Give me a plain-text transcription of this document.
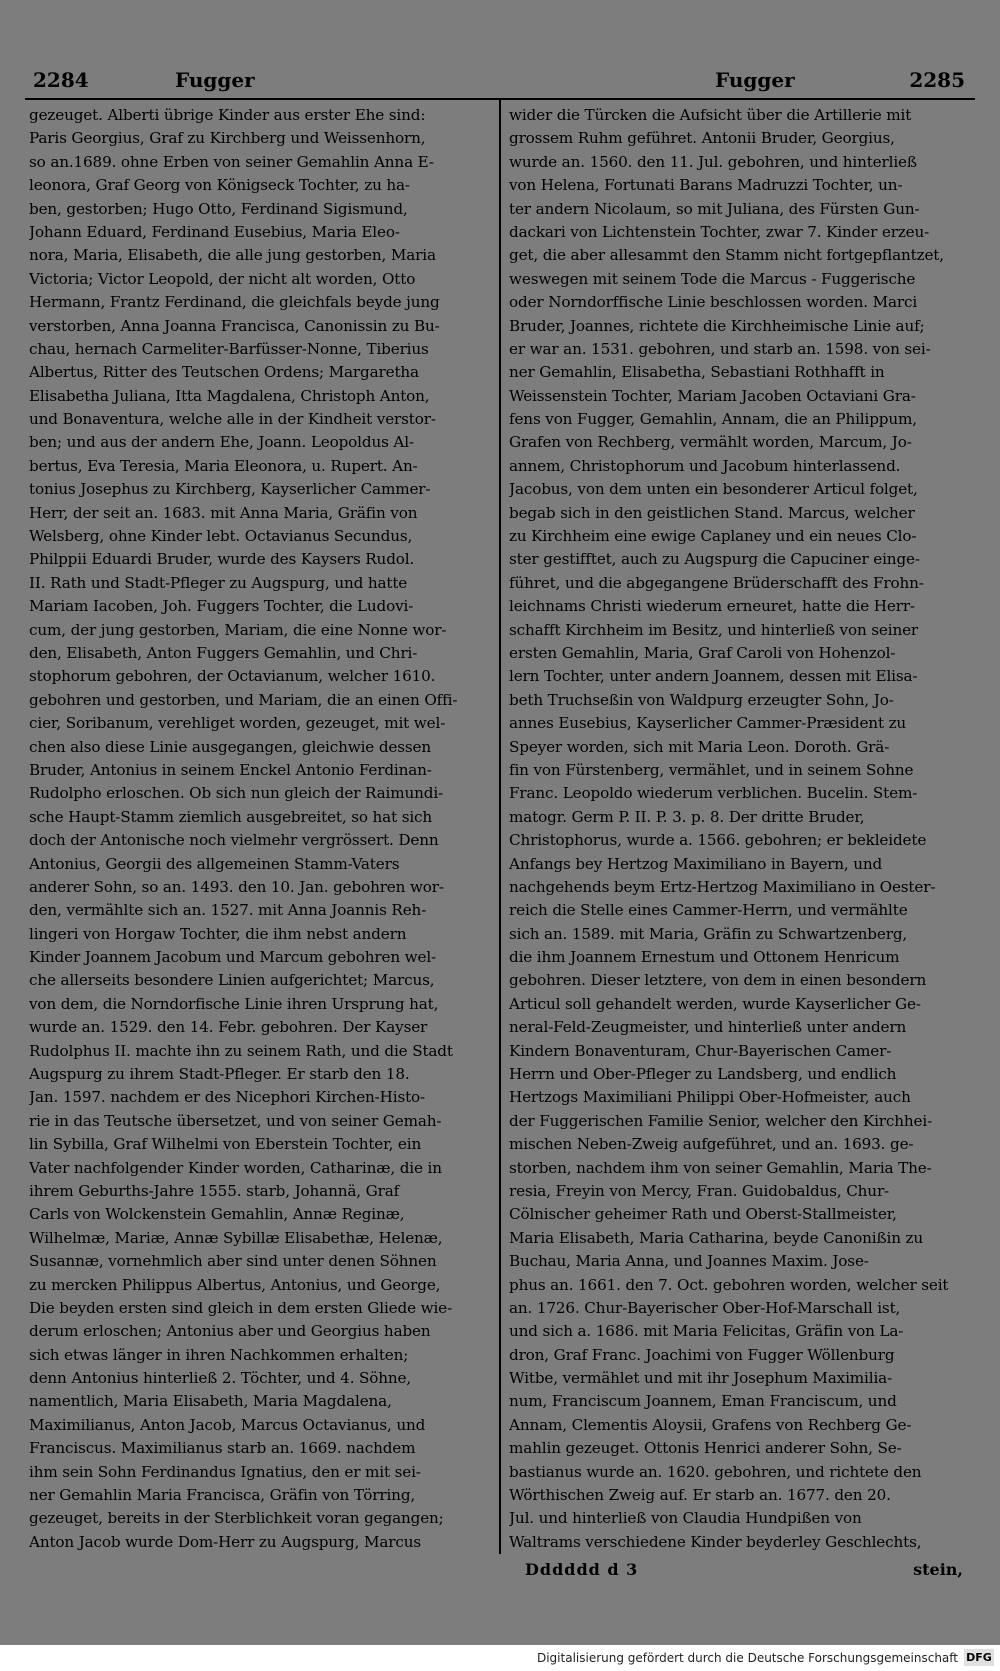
2284	Fugger	Fugger	2285
gezeuget. Alberti übrige Kinder aus erster Ehe sind:
Paris Georgius, Graf zu Kirchberg und Weissenhorn,
so an.1689. ohne Erben von seiner Gemahlin Anna E-
leonora, Graf Georg von Königseck Tochter, zu ha-
ben, gestorben; Hugo Otto, Ferdinand Sigismund,
Johann Eduard, Ferdinand Eusebius, Maria Eleo-
nora, Maria, Elisabeth, die alle jung gestorben, Maria
Victoria; Victor Leopold, der nicht alt worden, Otto
Hermann, Frantz Ferdinand, die gleichfals beyde jung
verstorben, Anna Joanna Francisca, Canonissin zu Bu-
chau, hernach Carmeliter-Barfüsser-Nonne, Tiberius
Albertus, Ritter des Teutschen Ordens; Margaretha
Elisabetha Juliana, Itta Magdalena, Christoph Anton,
und Bonaventura, welche alle in der Kindheit verstor-
ben; und aus der andern Ehe, Joann. Leopoldus Al-
bertus, Eva Teresia, Maria Eleonora, u. Rupert. An-
tonius Josephus zu Kirchberg, Kayserlicher Cammer-
Herr, der seit an. 1683. mit Anna Maria, Gräfin von
Welsberg, ohne Kinder lebt. Octavianus Secundus,
Philppii Eduardi Bruder, wurde des Kaysers Rudol.
II. Rath und Stadt-Pfleger zu Augspurg, und hatte
Mariam Iacoben, Joh. Fuggers Tochter, die Ludovi-
cum, der jung gestorben, Mariam, die eine Nonne wor-
den, Elisabeth, Anton Fuggers Gemahlin, und Chri-
stophorum gebohren, der Octavianum, welcher 1610.
gebohren und gestorben, und Mariam, die an einen Offi-
cier, Soribanum, verehliget worden, gezeuget, mit wel-
chen also diese Linie ausgegangen, gleichwie dessen
Bruder, Antonius in seinem Enckel Antonio Ferdinan-
Rudolpho erloschen. Ob sich nun gleich der Raimundi-
sche Haupt-Stamm ziemlich ausgebreitet, so hat sich
doch der Antonische noch vielmehr vergrössert. Denn
Antonius, Georgii des allgemeinen Stamm-Vaters
anderer Sohn, so an. 1493. den 10. Jan. gebohren wor-
den, vermählte sich an. 1527. mit Anna Joannis Reh-
lingeri von Horgaw Tochter, die ihm nebst andern
Kinder Joannem Jacobum und Marcum gebohren wel-
che allerseits besondere Linien aufgerichtet; Marcus,
von dem, die Norndorfische Linie ihren Ursprung hat,
wurde an. 1529. den 14. Febr. gebohren. Der Kayser
Rudolphus II. machte ihn zu seinem Rath, und die Stadt
Augspurg zu ihrem Stadt-Pfleger. Er starb den 18.
Jan. 1597. nachdem er des Nicephori Kirchen-Histo-
rie in das Teutsche übersetzet, und von seiner Gemah-
lin Sybilla, Graf Wilhelmi von Eberstein Tochter, ein
Vater nachfolgender Kinder worden, Catharinæ, die in
ihrem Geburths-Jahre 1555. starb, Johannä, Graf
Carls von Wolckenstein Gemahlin, Annæ Reginæ,
Wilhelmæ, Mariæ, Annæ Sybillæ Elisabethæ, Helenæ,
Susannæ, vornehmlich aber sind unter denen Söhnen
zu mercken Philippus Albertus, Antonius, und George,
Die beyden ersten sind gleich in dem ersten Gliede wie-
derum erloschen; Antonius aber und Georgius haben
sich etwas länger in ihren Nachkommen erhalten;
denn Antonius hinterließ 2. Töchter, und 4. Söhne,
namentlich, Maria Elisabeth, Maria Magdalena,
Maximilianus, Anton Jacob, Marcus Octavianus, und
Franciscus. Maximilianus starb an. 1669. nachdem
ihm sein Sohn Ferdinandus Ignatius, den er mit sei-
ner Gemahlin Maria Francisca, Gräfin von Törring,
gezeuget, bereits in der Sterblichkeit voran gegangen;
Anton Jacob wurde Dom-Herr zu Augspurg, Marcus
wider die Türcken die Aufsicht über die Artillerie mit
grossem Ruhm geführet. Antonii Bruder, Georgius,
wurde an. 1560. den 11. Jul. gebohren, und hinterließ
von Helena, Fortunati Barans Madruzzi Tochter, un-
ter andern Nicolaum, so mit Juliana, des Fürsten Gun-
dackari von Lichtenstein Tochter, zwar 7. Kinder erzeu-
get, die aber allesammt den Stamm nicht fortgepflantzet,
weswegen mit seinem Tode die Marcus - Fuggerische
oder Norndorffische Linie beschlossen worden. Marci
Bruder, Joannes, richtete die Kirchheimische Linie auf;
er war an. 1531. gebohren, und starb an. 1598. von sei-
ner Gemahlin, Elisabetha, Sebastiani Rothhafft in
Weissenstein Tochter, Mariam Jacoben Octaviani Gra-
fens von Fugger, Gemahlin, Annam, die an Philippum,
Grafen von Rechberg, vermählt worden, Marcum, Jo-
annem, Christophorum und Jacobum hinterlassend.
Jacobus, von dem unten ein besonderer Articul folget,
begab sich in den geistlichen Stand. Marcus, welcher
zu Kirchheim eine ewige Caplaney und ein neues Clo-
ster gestifftet, auch zu Augspurg die Capuciner einge-
führet, und die abgegangene Brüderschafft des Frohn-
leichnams Christi wiederum erneuret, hatte die Herr-
schafft Kirchheim im Besitz, und hinterließ von seiner
ersten Gemahlin, Maria, Graf Caroli von Hohenzol-
lern Tochter, unter andern Joannem, dessen mit Elisa-
beth Truchseßin von Waldpurg erzeugter Sohn, Jo-
annes Eusebius, Kayserlicher Cammer-Præsident zu
Speyer worden, sich mit Maria Leon. Doroth. Grä-
fin von Fürstenberg, vermählet, und in seinem Sohne
Franc. Leopoldo wiederum verblichen. Bucelin. Stem-
matogr. Germ P. II. P. 3. p. 8. Der dritte Bruder,
Christophorus, wurde a. 1566. gebohren; er bekleidete
Anfangs bey Hertzog Maximiliano in Bayern, und
nachgehends beym Ertz-Hertzog Maximiliano in Oester-
reich die Stelle eines Cammer-Herrn, und vermählte
sich an. 1589. mit Maria, Gräfin zu Schwartzenberg,
die ihm Joannem Ernestum und Ottonem Henricum
gebohren. Dieser letztere, von dem in einen besondern
Articul soll gehandelt werden, wurde Kayserlicher Ge-
neral-Feld-Zeugmeister, und hinterließ unter andern
Kindern Bonaventuram, Chur-Bayerischen Camer-
Herrn und Ober-Pfleger zu Landsberg, und endlich
Hertzogs Maximiliani Philippi Ober-Hofmeister, auch
der Fuggerischen Familie Senior, welcher den Kirchhei-
mischen Neben-Zweig aufgeführet, und an. 1693. ge-
storben, nachdem ihm von seiner Gemahlin, Maria The-
resia, Freyin von Mercy, Fran. Guidobaldus, Chur-
Cölnischer geheimer Rath und Oberst-Stallmeister,
Maria Elisabeth, Maria Catharina, beyde Canonißin zu
Buchau, Maria Anna, und Joannes Maxim. Jose-
phus an. 1661. den 7. Oct. gebohren worden, welcher seit
an. 1726. Chur-Bayerischer Ober-Hof-Marschall ist,
und sich a. 1686. mit Maria Felicitas, Gräfin von La-
dron, Graf Franc. Joachimi von Fugger Wöllenburg
Witbe, vermählet und mit ihr Josephum Maximilia-
num, Franciscum Joannem, Eman Franciscum, und
Annam, Clementis Aloysii, Grafens von Rechberg Ge-
mahlin gezeuget. Ottonis Henrici anderer Sohn, Se-
bastianus wurde an. 1620. gebohren, und richtete den
Wörthischen Zweig auf. Er starb an. 1677. den 20.
Jul. und hinterließ von Claudia Hundpißen von
Waltrams verschiedene Kinder beyderley Geschlechts,
Dddddd d 3	stein,
Digitalisierung gefördert durch die Deutsche Forschungsgemeinschaft DFG
